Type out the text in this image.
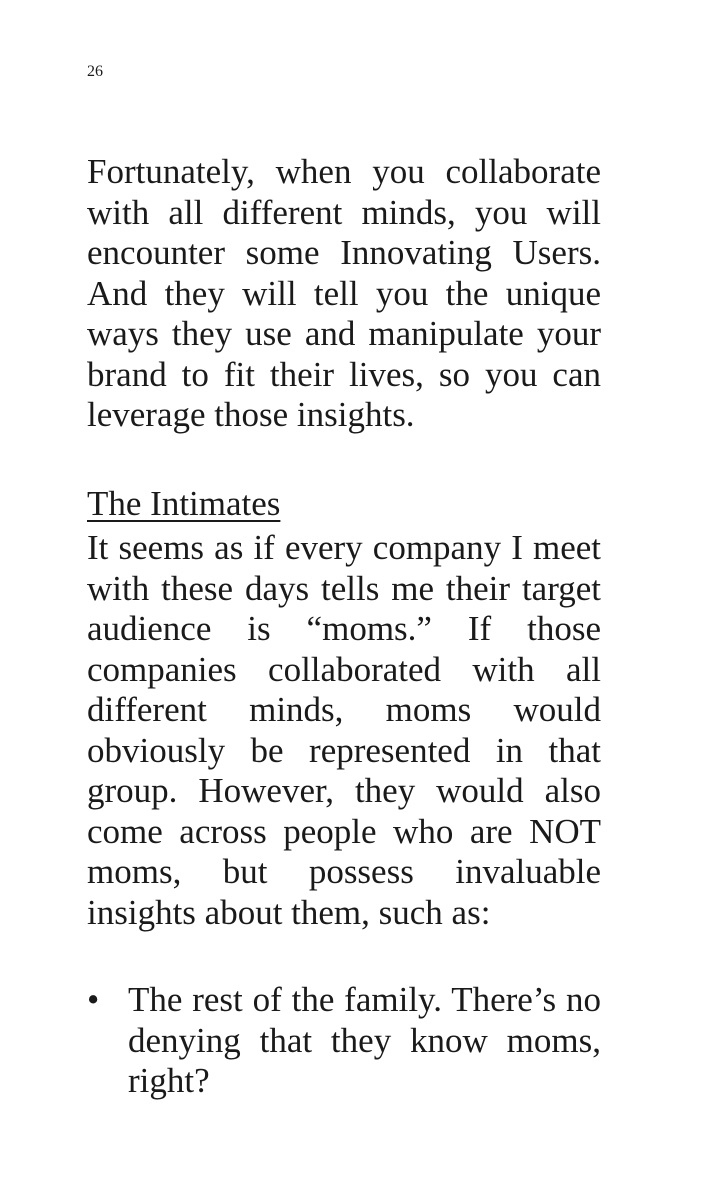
26

Fortunately, when you collaborate with all different minds, you will encounter some Innovating Users. And they will tell you the unique ways they use and manipulate your brand to fit their lives, so you can leverage those insights.

The Intimates

It seems as if every company I meet with these days tells me their target audience is “moms.” If those companies collaborated with all different minds, moms would obviously be represented in that group. However, they would also come across people who are NOT moms, but possess invaluable insights about them, such as:

• The rest of the family. There’s no denying that they know moms, right?
